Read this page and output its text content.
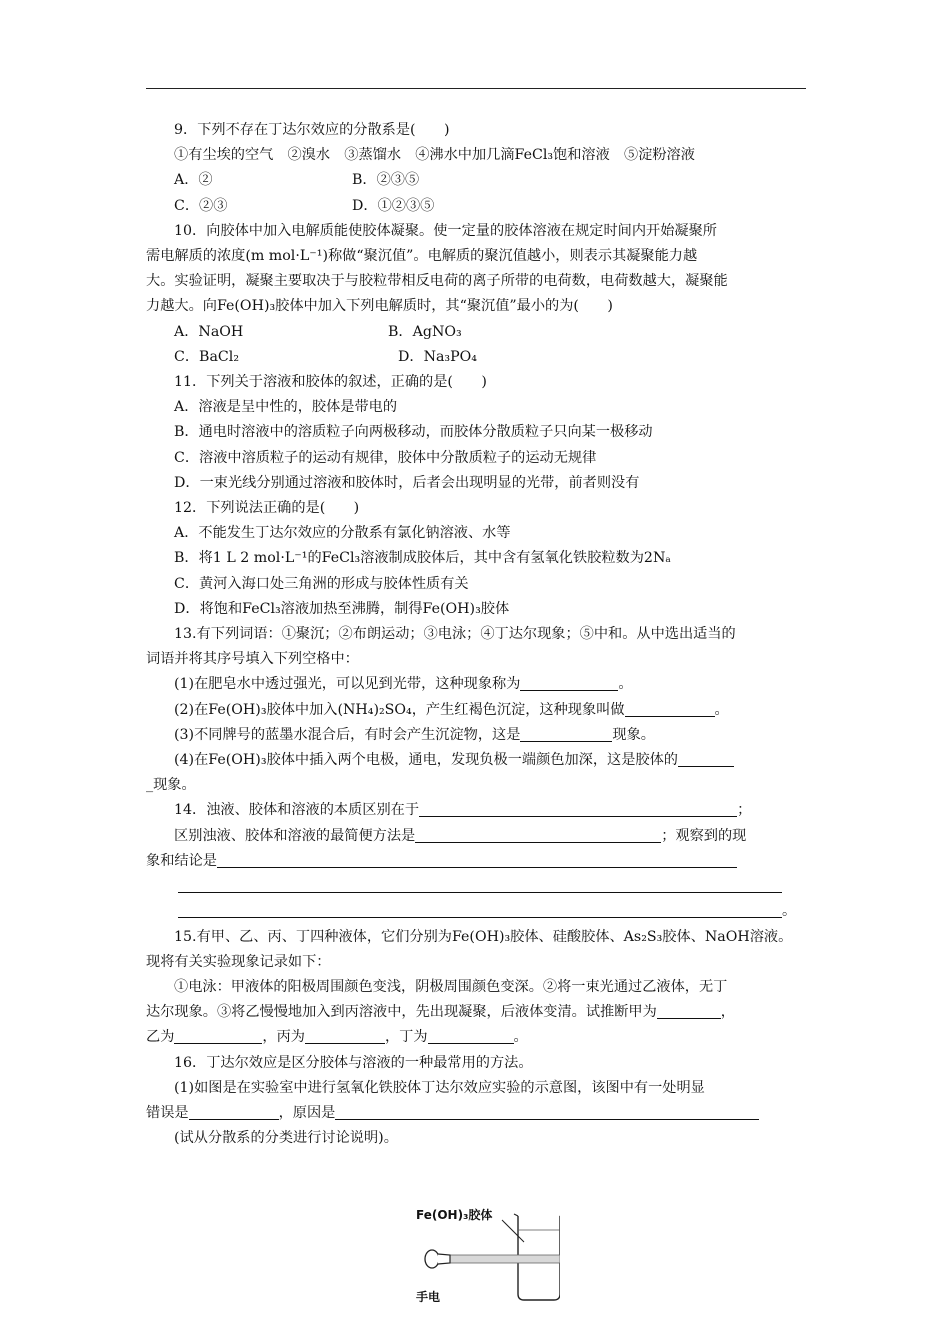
9．下列不存在丁达尔效应的分散系是(　　)

①有尘埃的空气　②溴水　③蒸馏水　④沸水中加几滴FeCl₃饱和溶液　⑤淀粉溶液

A．②	B．②③⑤

C．②③	D．①②③⑤

10．向胶体中加入电解质能使胶体凝聚。使一定量的胶体溶液在规定时间内开始凝聚所

需电解质的浓度(m mol·L⁻¹)称做“聚沉值”。电解质的聚沉值越小，则表示其凝聚能力越

大。实验证明，凝聚主要取决于与胶粒带相反电荷的离子所带的电荷数，电荷数越大，凝聚能

力越大。向Fe(OH)₃胶体中加入下列电解质时，其“聚沉值”最小的为(　　)

A．NaOH	B．AgNO₃

C．BaCl₂	D．Na₃PO₄

11．下列关于溶液和胶体的叙述，正确的是(　　)

A．溶液是呈中性的，胶体是带电的

B．通电时溶液中的溶质粒子向两极移动，而胶体分散质粒子只向某一极移动

C．溶液中溶质粒子的运动有规律，胶体中分散质粒子的运动无规律

D．一束光线分别通过溶液和胶体时，后者会出现明显的光带，前者则没有

12．下列说法正确的是(　　)

A．不能发生丁达尔效应的分散系有氯化钠溶液、水等

B．将1 L 2 mol·L⁻¹的FeCl₃溶液制成胶体后，其中含有氢氧化铁胶粒数为2Nₐ

C．黄河入海口处三角洲的形成与胶体性质有关

D．将饱和FeCl₃溶液加热至沸腾，制得Fe(OH)₃胶体

13.有下列词语：①聚沉；②布朗运动；③电泳；④丁达尔现象；⑤中和。从中选出适当的

词语并将其序号填入下列空格中：

(1)在肥皂水中透过强光，可以见到光带，这种现象称为	。

(2)在Fe(OH)₃胶体中加入(NH₄)₂SO₄，产生红褐色沉淀，这种现象叫做	。

(3)不同牌号的蓝墨水混合后，有时会产生沉淀物，这是	现象。

(4)在Fe(OH)₃胶体中插入两个电极，通电，发现负极一端颜色加深，这是胶体的

_现象。

14．浊液、胶体和溶液的本质区别在于	；

区别浊液、胶体和溶液的最简便方法是	；观察到的现

象和结论是

。

15.有甲、乙、丙、丁四种液体，它们分别为Fe(OH)₃胶体、硅酸胶体、As₂S₃胶体、NaOH溶液。

现将有关实验现象记录如下：

①电泳：甲液体的阳极周围颜色变浅，阴极周围颜色变深。②将一束光通过乙液体，无丁

达尔现象。③将乙慢慢地加入到丙溶液中，先出现凝聚，后液体变清。试推断甲为	，

乙为	，丙为	，丁为	。

16．丁达尔效应是区分胶体与溶液的一种最常用的方法。

(1)如图是在实验室中进行氢氧化铁胶体丁达尔效应实验的示意图，该图中有一处明显

错误是	，原因是

(试从分散系的分类进行讨论说明)。

Fe(OH)₃胶体
手电
